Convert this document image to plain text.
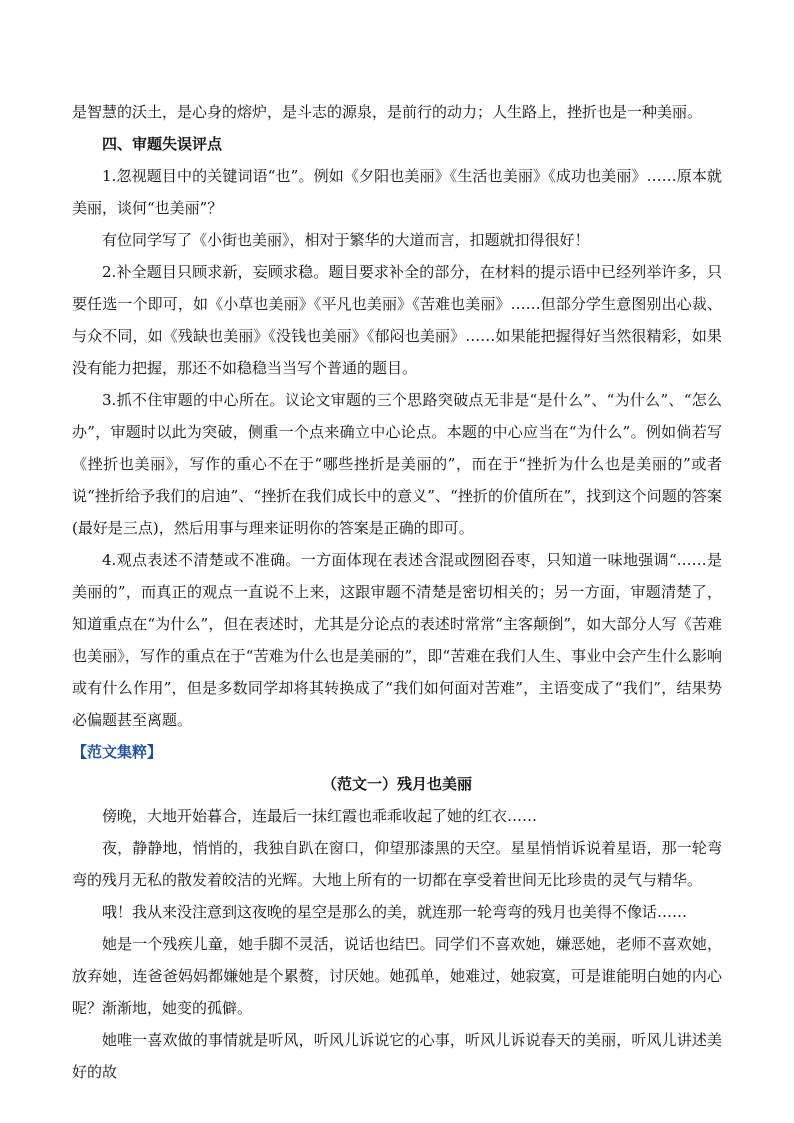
是智慧的沃土，是心身的熔炉，是斗志的源泉，是前行的动力；人生路上，挫折也是一种美丽。

四、审题失误评点

1.忽视题目中的关键词语“也”。例如《夕阳也美丽》《生活也美丽》《成功也美丽》……原本就美丽，谈何“也美丽”？

有位同学写了《小街也美丽》，相对于繁华的大道而言，扣题就扣得很好！

2.补全题目只顾求新，妄顾求稳。题目要求补全的部分，在材料的提示语中已经列举许多，只要任选一个即可，如《小草也美丽》《平凡也美丽》《苦难也美丽》……但部分学生意图别出心裁、与众不同，如《残缺也美丽》《没钱也美丽》《郁闷也美丽》……如果能把握得好当然很精彩，如果没有能力把握，那还不如稳稳当当写个普通的题目。

3.抓不住审题的中心所在。议论文审题的三个思路突破点无非是“是什么”、“为什么”、“怎么办”，审题时以此为突破，侧重一个点来确立中心论点。本题的中心应当在“为什么”。例如倘若写《挫折也美丽》，写作的重心不在于“哪些挫折是美丽的”，而在于“挫折为什么也是美丽的”或者说“挫折给予我们的启迪”、“挫折在我们成长中的意义”、“挫折的价值所在”，找到这个问题的答案(最好是三点)，然后用事与理来证明你的答案是正确的即可。

4.观点表述不清楚或不准确。一方面体现在表述含混或囫囵吞枣，只知道一味地强调“……是美丽的”，而真正的观点一直说不上来，这跟审题不清楚是密切相关的；另一方面，审题清楚了，知道重点在“为什么”，但在表述时，尤其是分论点的表述时常常“主客颠倒”，如大部分人写《苦难也美丽》，写作的重点在于“苦难为什么也是美丽的”，即“苦难在我们人生、事业中会产生什么影响或有什么作用”，但是多数同学却将其转换成了“我们如何面对苦难”，主语变成了“我们”，结果势必偏题甚至离题。

【范文集粹】

（范文一）残月也美丽

傍晚，大地开始暮合，连最后一抹红霞也乖乖收起了她的红衣……

夜，静静地，悄悄的，我独自趴在窗口，仰望那漆黑的天空。星星悄悄诉说着星语，那一轮弯弯的残月无私的散发着皎洁的光辉。大地上所有的一切都在享受着世间无比珍贵的灵气与精华。

哦！我从来没注意到这夜晚的星空是那么的美，就连那一轮弯弯的残月也美得不像话……

她是一个残疾儿童，她手脚不灵活，说话也结巴。同学们不喜欢她，嫌恶她，老师不喜欢她，放弃她，连爸爸妈妈都嫌她是个累赘，讨厌她。她孤单，她难过，她寂寞，可是谁能明白她的内心呢？渐渐地，她变的孤僻。

她唯一喜欢做的事情就是听风，听风儿诉说它的心事，听风儿诉说春天的美丽，听风儿讲述美好的故
